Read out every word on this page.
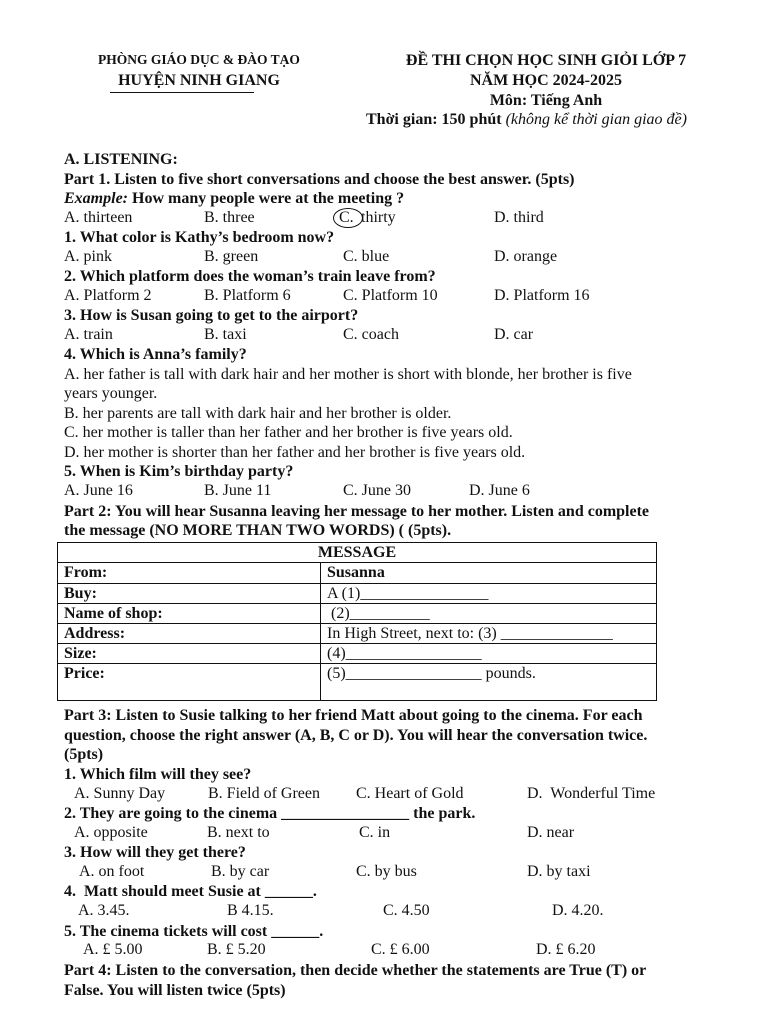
PHÒNG GIÁO DỤC & ĐÀO TẠO
HUYỆN NINH GIANG
ĐỀ THI CHỌN HỌC SINH GIỎI LỚP 7
NĂM HỌC 2024-2025
Môn: Tiếng Anh
Thời gian: 150 phút (không kể thời gian giao đề)
A. LISTENING:
Part 1. Listen to five short conversations and choose the best answer. (5pts)
Example: How many people were at the meeting ?
A. thirteen	B. three	C. thirty	D. third
1. What color is Kathy’s bedroom now?
A. pink	B. green	C. blue	D. orange
2. Which platform does the woman’s train leave from?
A. Platform 2	B. Platform 6	C. Platform 10	D. Platform 16
3. How is Susan going to get to the airport?
A. train	B. taxi	C. coach	D. car
4. Which is Anna’s family?
A. her father is tall with dark hair and her mother is short with blonde, her brother is five
years younger.
B. her parents are tall with dark hair and her brother is older.
C. her mother is taller than her father and her brother is five years old.
D. her mother is shorter than her father and her brother is five years old.
5. When is Kim’s birthday party?
A. June 16	B. June 11	C. June 30	D. June 6
Part 2: You will hear Susanna leaving her message to her mother. Listen and complete
the message (NO MORE THAN TWO WORDS) ( (5pts).
MESSAGE	
From:	Susanna
Buy:	A (1)________________
Name of shop:	(2)__________
Address:	In High Street, next to: (3) ______________
Size:	(4)_________________
Price:	(5)_________________ pounds.
Part 3: Listen to Susie talking to her friend Matt about going to the cinema. For each
question, choose the right answer (A, B, C or D). You will hear the conversation twice.
(5pts)
1. Which film will they see?
A. Sunny Day	B. Field of Green C. Heart of Gold	D.  Wonderful Time
2. They are going to the cinema ________________ the park.
A. opposite	B. next to	C. in	D. near
3. How will they get there?
A. on foot	B. by car	C. by bus	D. by taxi
4.  Matt should meet Susie at ______.
A. 3.45.	B 4.15.	C. 4.50	D. 4.20.
5. The cinema tickets will cost ______.
A. £ 5.00	B. £ 5.20	C. £ 6.00	D. £ 6.20
Part 4: Listen to the conversation, then decide whether the statements are True (T) or
False. You will listen twice (5pts)
